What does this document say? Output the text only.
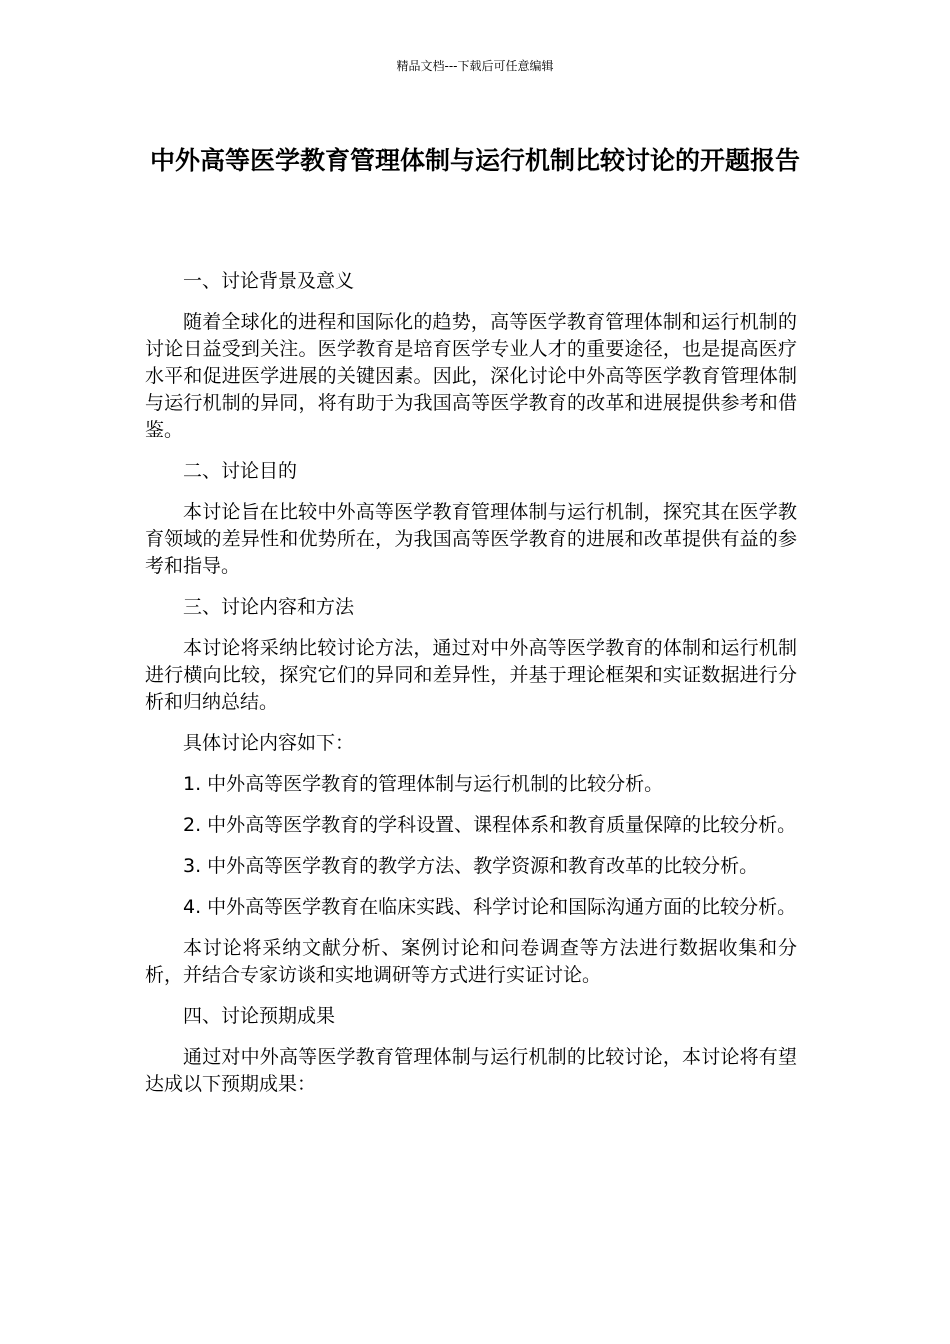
精品文档---下载后可任意编辑
中外高等医学教育管理体制与运行机制比较讨论的开题报告

一、讨论背景及意义

随着全球化的进程和国际化的趋势，高等医学教育管理体制和运行机制的讨论日益受到关注。医学教育是培育医学专业人才的重要途径，也是提高医疗水平和促进医学进展的关键因素。因此，深化讨论中外高等医学教育管理体制与运行机制的异同，将有助于为我国高等医学教育的改革和进展提供参考和借鉴。

二、讨论目的

本讨论旨在比较中外高等医学教育管理体制与运行机制，探究其在医学教育领域的差异性和优势所在，为我国高等医学教育的进展和改革提供有益的参考和指导。

三、讨论内容和方法

本讨论将采纳比较讨论方法，通过对中外高等医学教育的体制和运行机制进行横向比较，探究它们的异同和差异性，并基于理论框架和实证数据进行分析和归纳总结。

具体讨论内容如下：

1. 中外高等医学教育的管理体制与运行机制的比较分析。

2. 中外高等医学教育的学科设置、课程体系和教育质量保障的比较分析。

3. 中外高等医学教育的教学方法、教学资源和教育改革的比较分析。

4. 中外高等医学教育在临床实践、科学讨论和国际沟通方面的比较分析。

本讨论将采纳文献分析、案例讨论和问卷调查等方法进行数据收集和分析，并结合专家访谈和实地调研等方式进行实证讨论。

四、讨论预期成果

通过对中外高等医学教育管理体制与运行机制的比较讨论，本讨论将有望达成以下预期成果：
